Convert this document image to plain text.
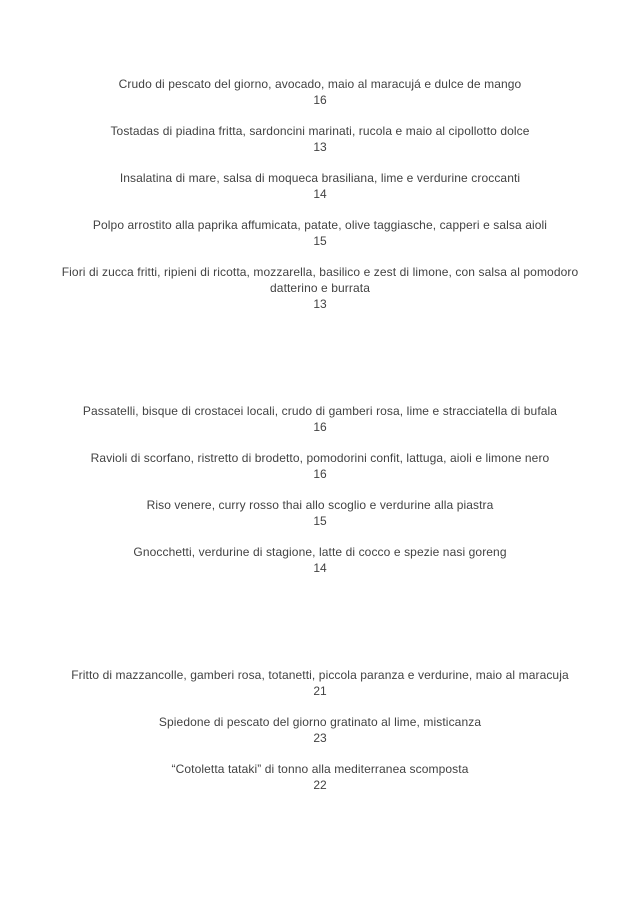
Crudo di pescato del giorno, avocado, maio al maracujá e dulce de mango
16
Tostadas di piadina fritta, sardoncini marinati, rucola e maio al cipollotto dolce
13
Insalatina di mare, salsa di moqueca brasiliana, lime e verdurine croccanti
14
Polpo arrostito alla paprika affumicata, patate, olive taggiasche, capperi e salsa aioli
15
Fiori di zucca fritti, ripieni di ricotta, mozzarella, basilico e zest di limone, con salsa al pomodoro datterino e burrata
13
Passatelli, bisque di crostacei locali, crudo di gamberi rosa, lime e stracciatella di bufala
16
Ravioli di scorfano, ristretto di brodetto, pomodorini confit, lattuga, aioli e limone nero
16
Riso venere, curry rosso thai allo scoglio e verdurine alla piastra
15
Gnocchetti, verdurine di stagione, latte di cocco e spezie nasi goreng
14
Fritto di mazzancolle, gamberi rosa, totanetti, piccola paranza e verdurine, maio al maracuja
21
Spiedone di pescato del giorno gratinato al lime, misticanza
23
“Cotoletta tataki” di tonno alla mediterranea scomposta
22
